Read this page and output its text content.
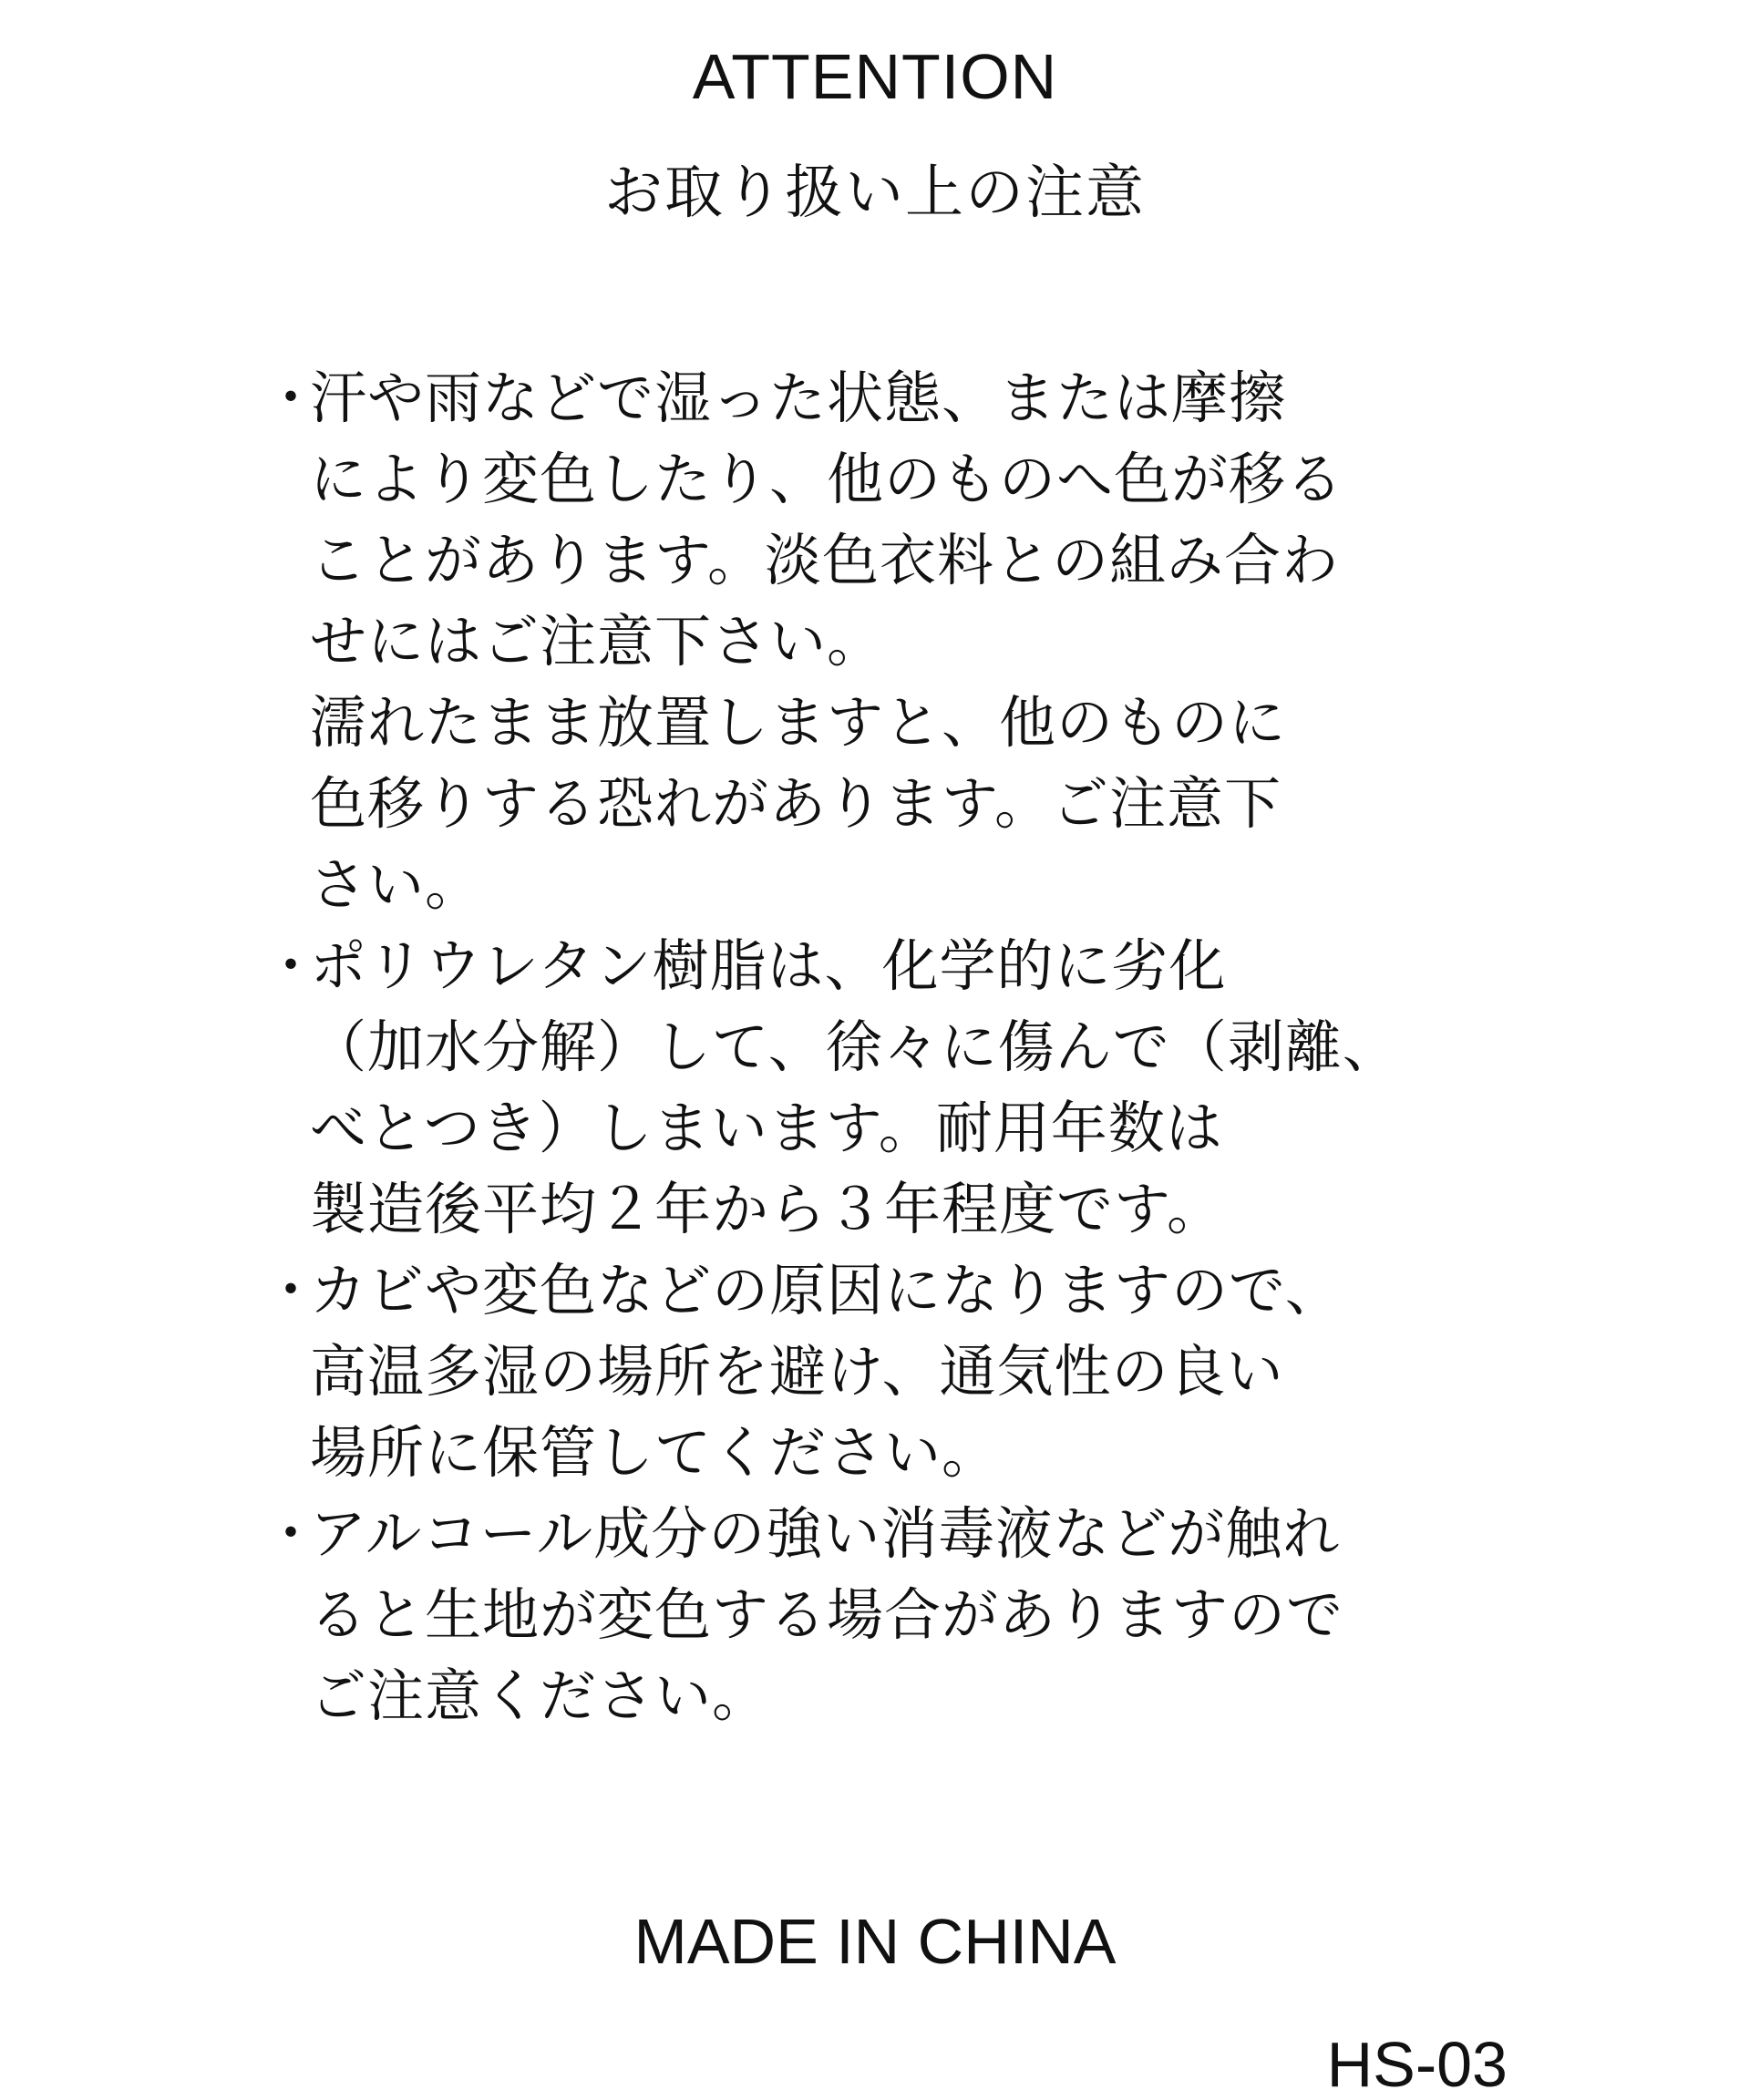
ATTENTION
お取り扱い上の注意
・
汗や雨などで湿った状態、または摩擦
により変色したり、他のものへ色が移る
ことがあります。淡色衣料との組み合わ
せにはご注意下さい。
濡れたまま放置しますと、他のものに
色移りする恐れがあります。ご注意下
さい。
・
ポリウレタン樹脂は、化学的に劣化
（加水分解）して、徐々に傷んで（剥離、
べとつき）しまいます。耐用年数は
製造後平均２年から３年程度です。
・
カビや変色などの原因になりますので、
高温多湿の場所を避け、通気性の良い
場所に保管してください。
・
アルコール成分の強い消毒液などが触れ
ると生地が変色する場合がありますので
ご注意ください。
MADE IN CHINA
HS-03
